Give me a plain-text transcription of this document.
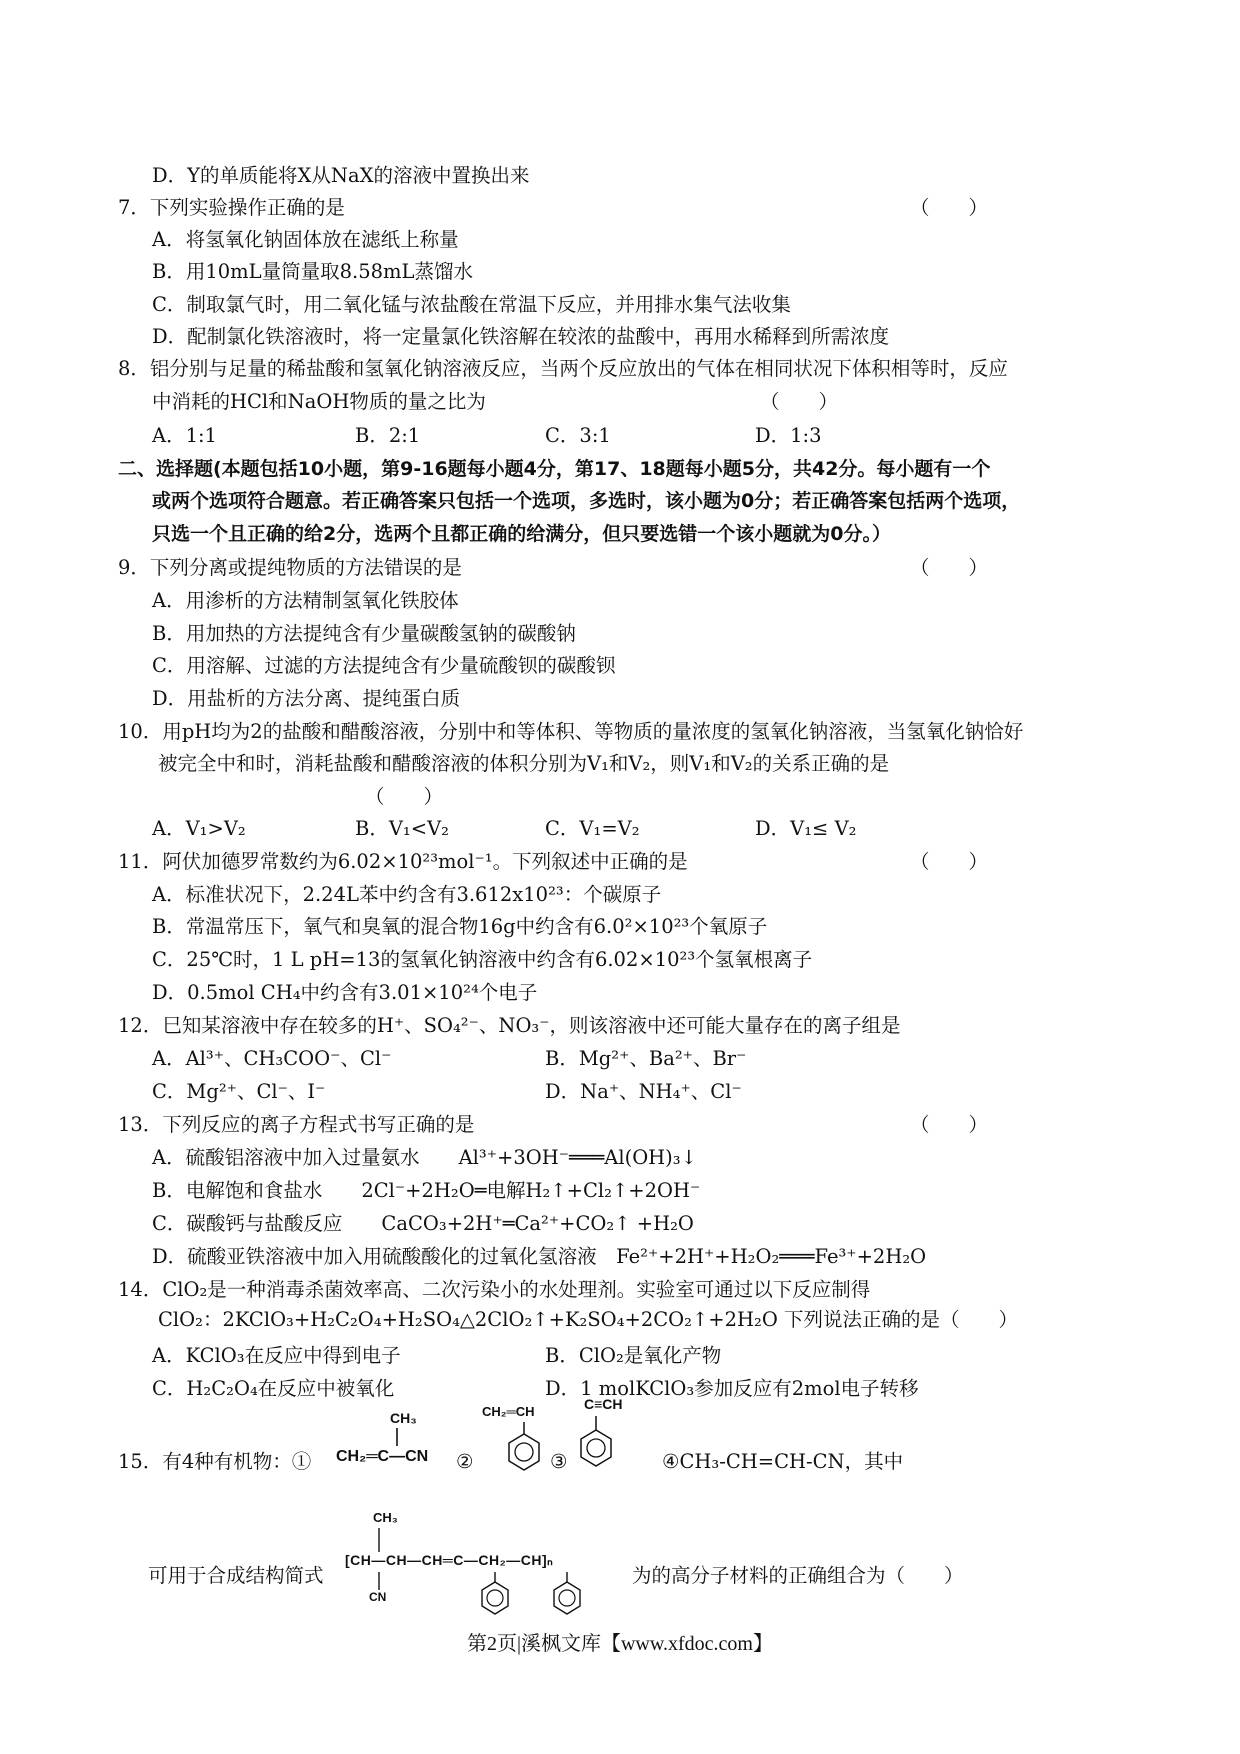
D．Y的单质能将X从NaX的溶液中置换出来
7．下列实验操作正确的是	（　　）
A．将氢氧化钠固体放在滤纸上称量
B．用10mL量筒量取8.58mL蒸馏水
C．制取氯气时，用二氧化锰与浓盐酸在常温下反应，并用排水集气法收集
D．配制氯化铁溶液时，将一定量氯化铁溶解在较浓的盐酸中，再用水稀释到所需浓度
8．铝分别与足量的稀盐酸和氢氧化钠溶液反应，当两个反应放出的气体在相同状况下体积相等时，反应
中消耗的HCl和NaOH物质的量之比为	（　　）
A．1:1	B．2:1	C．3:1	D．1:3
二、选择题(本题包括10小题，第9-16题每小题4分，第17、18题每小题5分，共42分。每小题有一个
或两个选项符合题意。若正确答案只包括一个选项，多选时，该小题为0分；若正确答案包括两个选项，
只选一个且正确的给2分，选两个且都正确的给满分，但只要选错一个该小题就为0分。）
9．下列分离或提纯物质的方法错误的是	（　　）
A．用渗析的方法精制氢氧化铁胶体
B．用加热的方法提纯含有少量碳酸氢钠的碳酸钠
C．用溶解、过滤的方法提纯含有少量硫酸钡的碳酸钡
D．用盐析的方法分离、提纯蛋白质
10．用pH均为2的盐酸和醋酸溶液，分别中和等体积、等物质的量浓度的氢氧化钠溶液，当氢氧化钠恰好
被完全中和时，消耗盐酸和醋酸溶液的体积分别为V₁和V₂，则V₁和V₂的关系正确的是
（　　）
A．V₁>V₂	B．V₁<V₂	C．V₁=V₂	D．V₁≤ V₂
11．阿伏加德罗常数约为6.02×10²³mol⁻¹。下列叙述中正确的是	（　　）
A．标准状况下，2.24L苯中约含有3.612x10²³：个碳原子
B．常温常压下，氧气和臭氧的混合物16g中约含有6.0²×10²³个氧原子
C．25℃时，1 L pH=13的氢氧化钠溶液中约含有6.02×10²³个氢氧根离子
D．0.5mol CH₄中约含有3.01×10²⁴个电子
12．巳知某溶液中存在较多的H⁺、SO₄²⁻、NO₃⁻，则该溶液中还可能大量存在的离子组是
A．Al³⁺、CH₃COO⁻、Cl⁻	B．Mg²⁺、Ba²⁺、Br⁻
C．Mg²⁺、Cl⁻、I⁻	D．Na⁺、NH₄⁺、Cl⁻
13．下列反应的离子方程式书写正确的是	（　　）
A．硫酸铝溶液中加入过量氨水　　Al³⁺+3OH⁻═══Al(OH)₃↓
B．电解饱和食盐水　　2Cl⁻+2H₂O═电解H₂↑+Cl₂↑+2OH⁻
C．碳酸钙与盐酸反应　　CaCO₃+2H⁺═Ca²⁺+CO₂↑ +H₂O
D．硫酸亚铁溶液中加入用硫酸酸化的过氧化氢溶液　Fe²⁺+2H⁺+H₂O₂═══Fe³⁺+2H₂O
14．ClO₂是一种消毒杀菌效率高、二次污染小的水处理剂。实验室可通过以下反应制得
ClO₂：2KClO₃+H₂C₂O₄+H₂SO₄△2ClO₂↑+K₂SO₄+2CO₂↑+2H₂O 下列说法正确的是（　　）
A．KClO₃在反应中得到电子	B．ClO₂是氧化产物
C．H₂C₂O₄在反应中被氧化	D．1 molKClO₃参加反应有2mol电子转移
15．有4种有机物：①
CH₃
CH₂═C—CN ②
CH₂═CH
③
C≡CH
④CH₃-CH=CH-CN，其中
可用于合成结构简式
CH₃
[CH—CH—CH═C—CH₂—CH]ₙ
CN
为的高分子材料的正确组合为（　　）
第2页|溪枫文库【www.xfdoc.com】
